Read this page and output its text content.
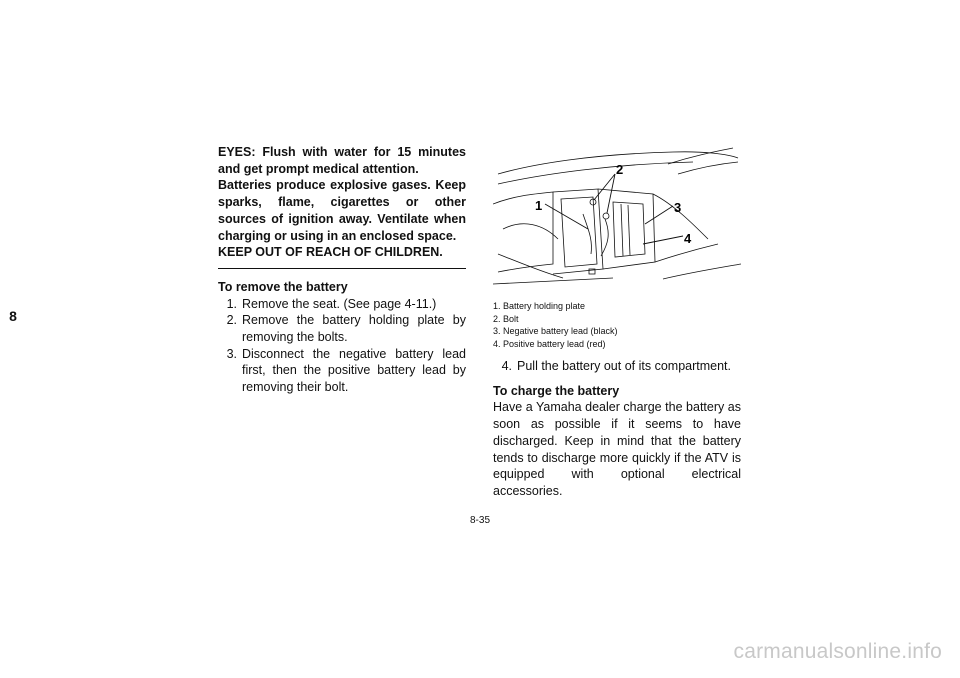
8

EYES: Flush with water for 15 minutes and get prompt medical attention.

Batteries produce explosive gases. Keep sparks, flame, cigarettes or other sources of ignition away. Ventilate when charging or using in an enclosed space.

KEEP OUT OF REACH OF CHILDREN.

To remove the battery

1. Remove the seat. (See page 4-11.)
2. Remove the battery holding plate by removing the bolts.
3. Disconnect the negative battery lead first, then the positive battery lead by removing their bolt.
1
2
3
4
1. Battery holding plate
2. Bolt
3. Negative battery lead (black)
4. Positive battery lead (red)
4. Pull the battery out of its compartment.

To charge the battery

Have a Yamaha dealer charge the battery as soon as possible if it seems to have discharged. Keep in mind that the battery tends to discharge more quickly if the ATV is equipped with optional electrical accessories.

8-35
carmanualsonline.info
